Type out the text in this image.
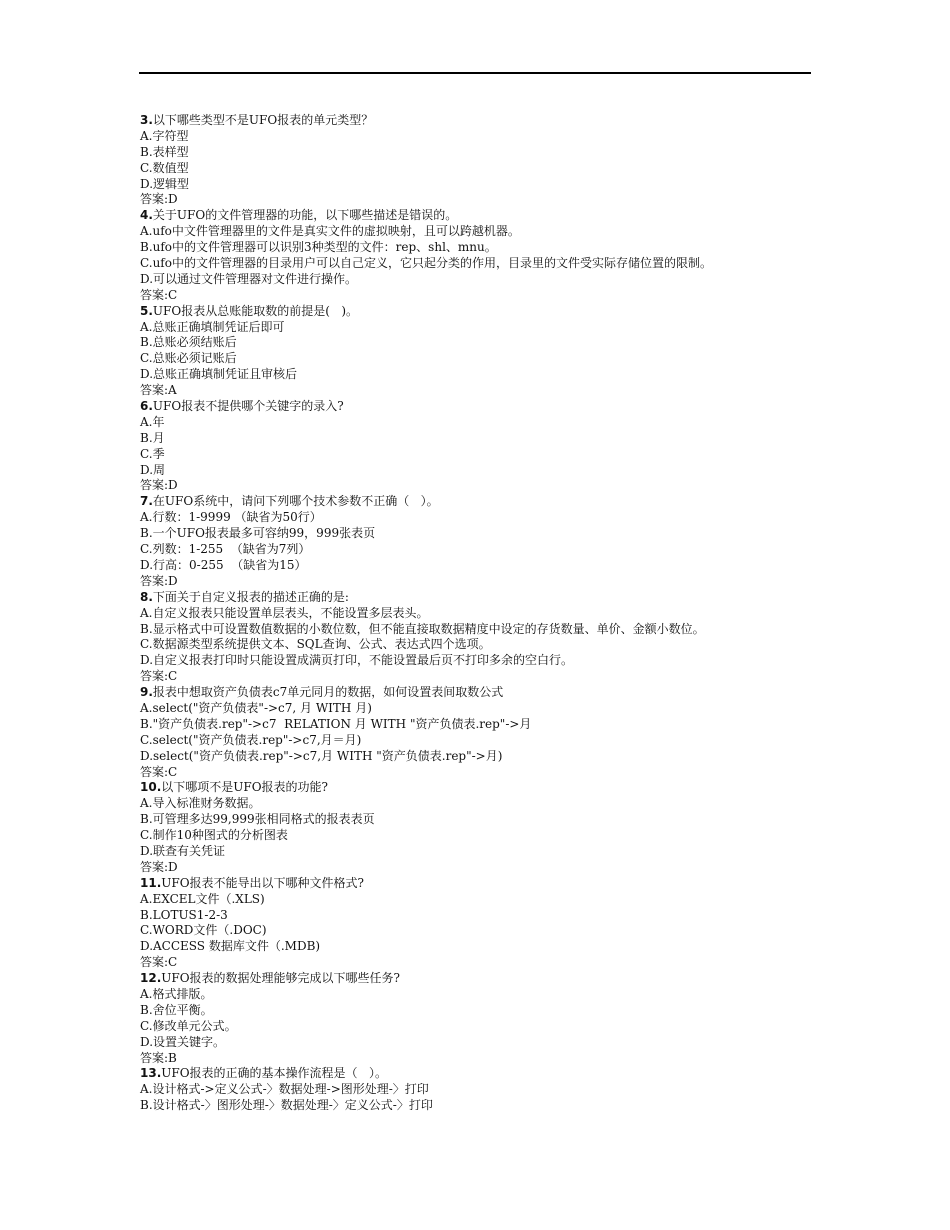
3.以下哪些类型不是UFO报表的单元类型？
A.字符型
B.表样型
C.数值型
D.逻辑型
答案:D
4.关于UFO的文件管理器的功能，以下哪些描述是错误的。
A.ufo中文件管理器里的文件是真实文件的虚拟映射，且可以跨越机器。
B.ufo中的文件管理器可以识别3种类型的文件：rep、shl、mnu。
C.ufo中的文件管理器的目录用户可以自己定义，它只起分类的作用，目录里的文件受实际存储位置的限制。
D.可以通过文件管理器对文件进行操作。
答案:C
5.UFO报表从总账能取数的前提是(   )。
A.总账正确填制凭证后即可
B.总账必须结账后
C.总账必须记账后
D.总账正确填制凭证且审核后
答案:A
6.UFO报表不提供哪个关键字的录入?
A.年
B.月
C.季
D.周
答案:D
7.在UFO系统中，请问下列哪个技术参数不正确（   ）。
A.行数：1-9999 （缺省为50行）
B.一个UFO报表最多可容纳99，999张表页
C.列数：1-255  （缺省为7列）
D.行高：0-255  （缺省为15）
答案:D
8.下面关于自定义报表的描述正确的是:
A.自定义报表只能设置单层表头，不能设置多层表头。
B.显示格式中可设置数值数据的小数位数，但不能直接取数据精度中设定的存货数量、单价、金额小数位。
C.数据源类型系统提供文本、SQL查询、公式、表达式四个选项。
D.自定义报表打印时只能设置成满页打印，不能设置最后页不打印多余的空白行。
答案:C
9.报表中想取资产负债表c7单元同月的数据，如何设置表间取数公式
A.select("资产负债表"->c7, 月 WITH 月)
B."资产负债表.rep"->c7  RELATION 月 WITH "资产负债表.rep"->月
C.select("资产负债表.rep"->c7,月＝月)
D.select("资产负债表.rep"->c7,月 WITH "资产负债表.rep"->月)
答案:C
10.以下哪项不是UFO报表的功能?
A.导入标准财务数据。
B.可管理多达99,999张相同格式的报表表页
C.制作10种图式的分析图表
D.联查有关凭证
答案:D
11.UFO报表不能导出以下哪种文件格式?
A.EXCEL文件（.XLS)
B.LOTUS1-2-3
C.WORD文件（.DOC)
D.ACCESS 数据库文件（.MDB)
答案:C
12.UFO报表的数据处理能够完成以下哪些任务?
A.格式排版。
B.舍位平衡。
C.修改单元公式。
D.设置关键字。
答案:B
13.UFO报表的正确的基本操作流程是（   ）。
A.设计格式->定义公式-〉数据处理->图形处理-〉打印
B.设计格式-〉图形处理-〉数据处理-〉定义公式-〉打印
